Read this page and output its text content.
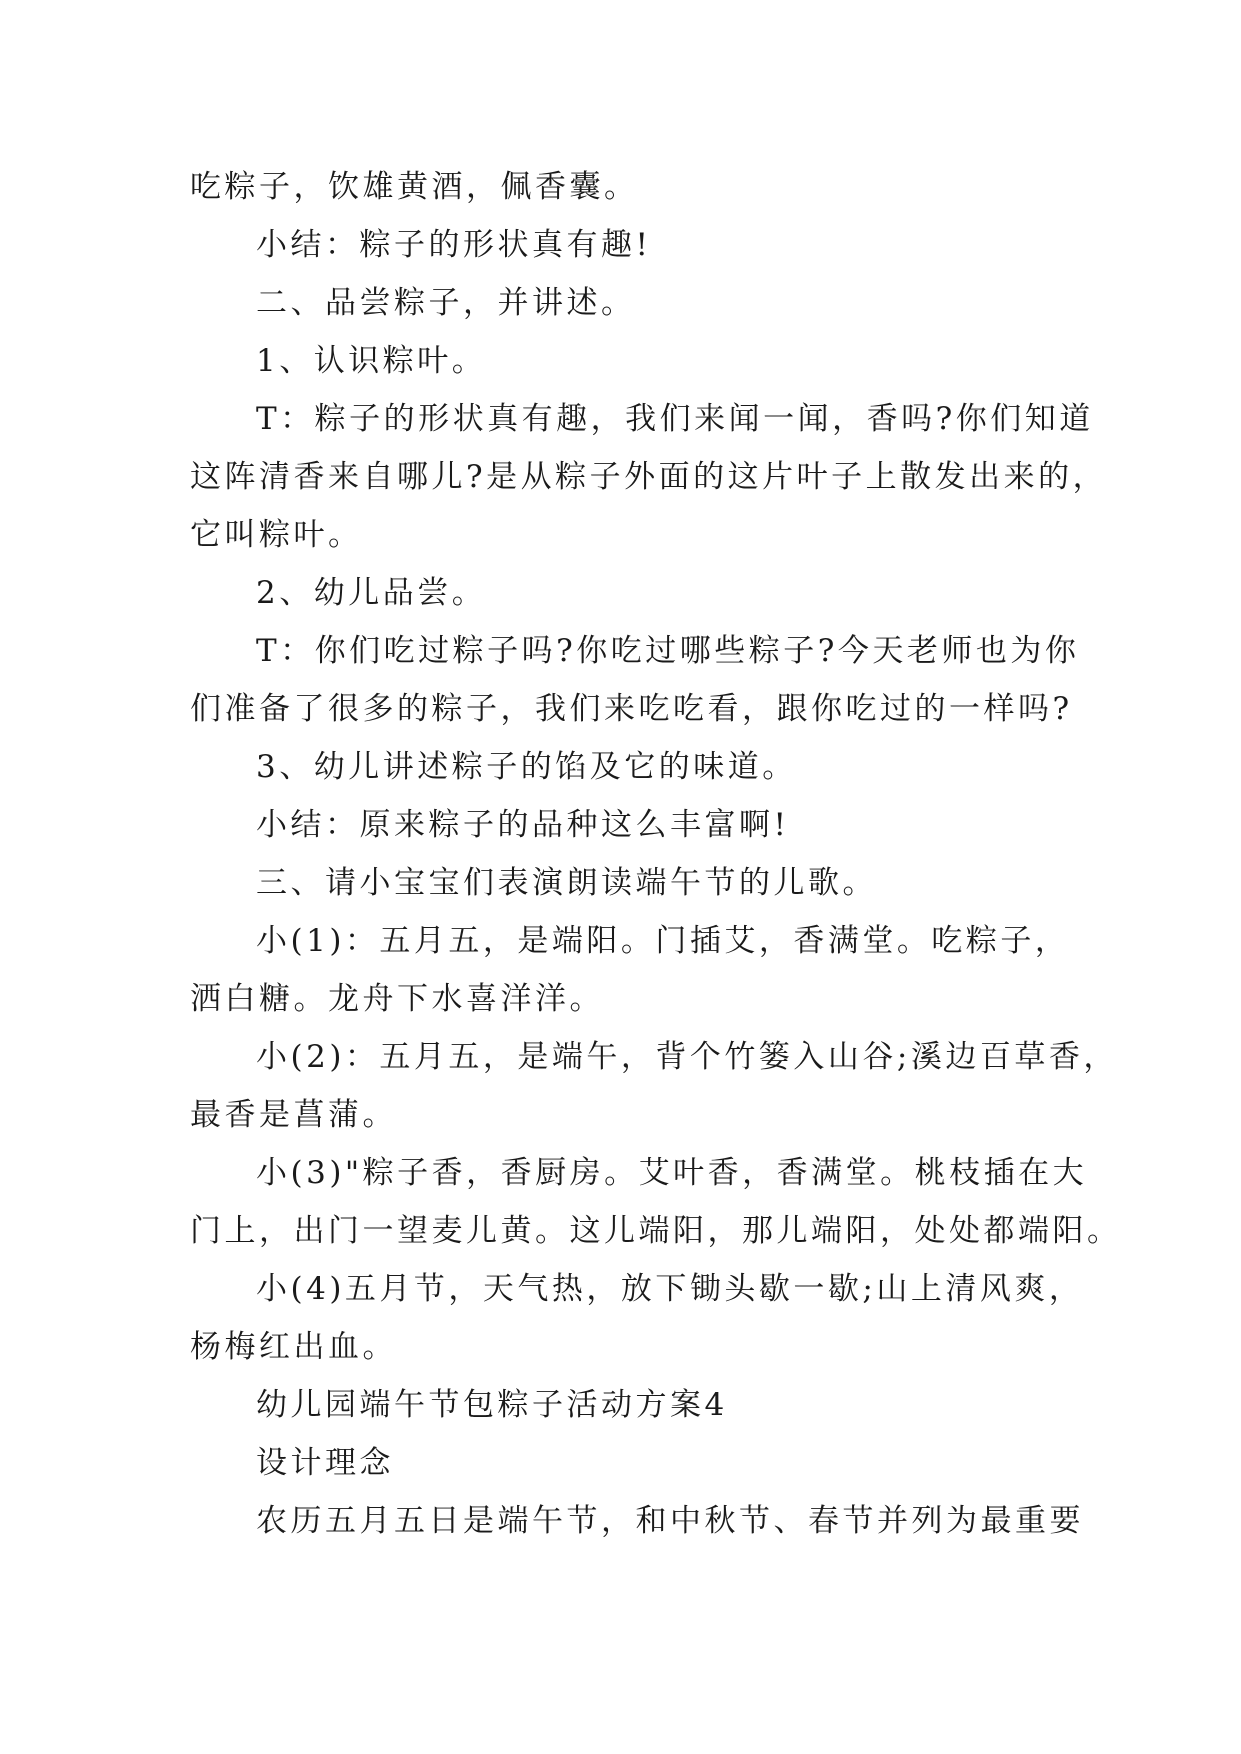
吃粽子，饮雄黄酒，佩香囊。

小结：粽子的形状真有趣!

二、品尝粽子，并讲述。

1、认识粽叶。

T：粽子的形状真有趣，我们来闻一闻，香吗?你们知道

这阵清香来自哪儿?是从粽子外面的这片叶子上散发出来的，

它叫粽叶。

2、幼儿品尝。

T：你们吃过粽子吗?你吃过哪些粽子?今天老师也为你

们准备了很多的粽子，我们来吃吃看，跟你吃过的一样吗?

3、幼儿讲述粽子的馅及它的味道。

小结：原来粽子的品种这么丰富啊!

三、请小宝宝们表演朗读端午节的儿歌。

小(1)：五月五，是端阳。门插艾，香满堂。吃粽子，

洒白糖。龙舟下水喜洋洋。

小(2)：五月五，是端午，背个竹篓入山谷;溪边百草香，

最香是菖蒲。

小(3)"粽子香，香厨房。艾叶香，香满堂。桃枝插在大

门上，出门一望麦儿黄。这儿端阳，那儿端阳，处处都端阳。

小(4)五月节，天气热，放下锄头歇一歇;山上清风爽，

杨梅红出血。

幼儿园端午节包粽子活动方案4

设计理念

农历五月五日是端午节，和中秋节、春节并列为最重要
